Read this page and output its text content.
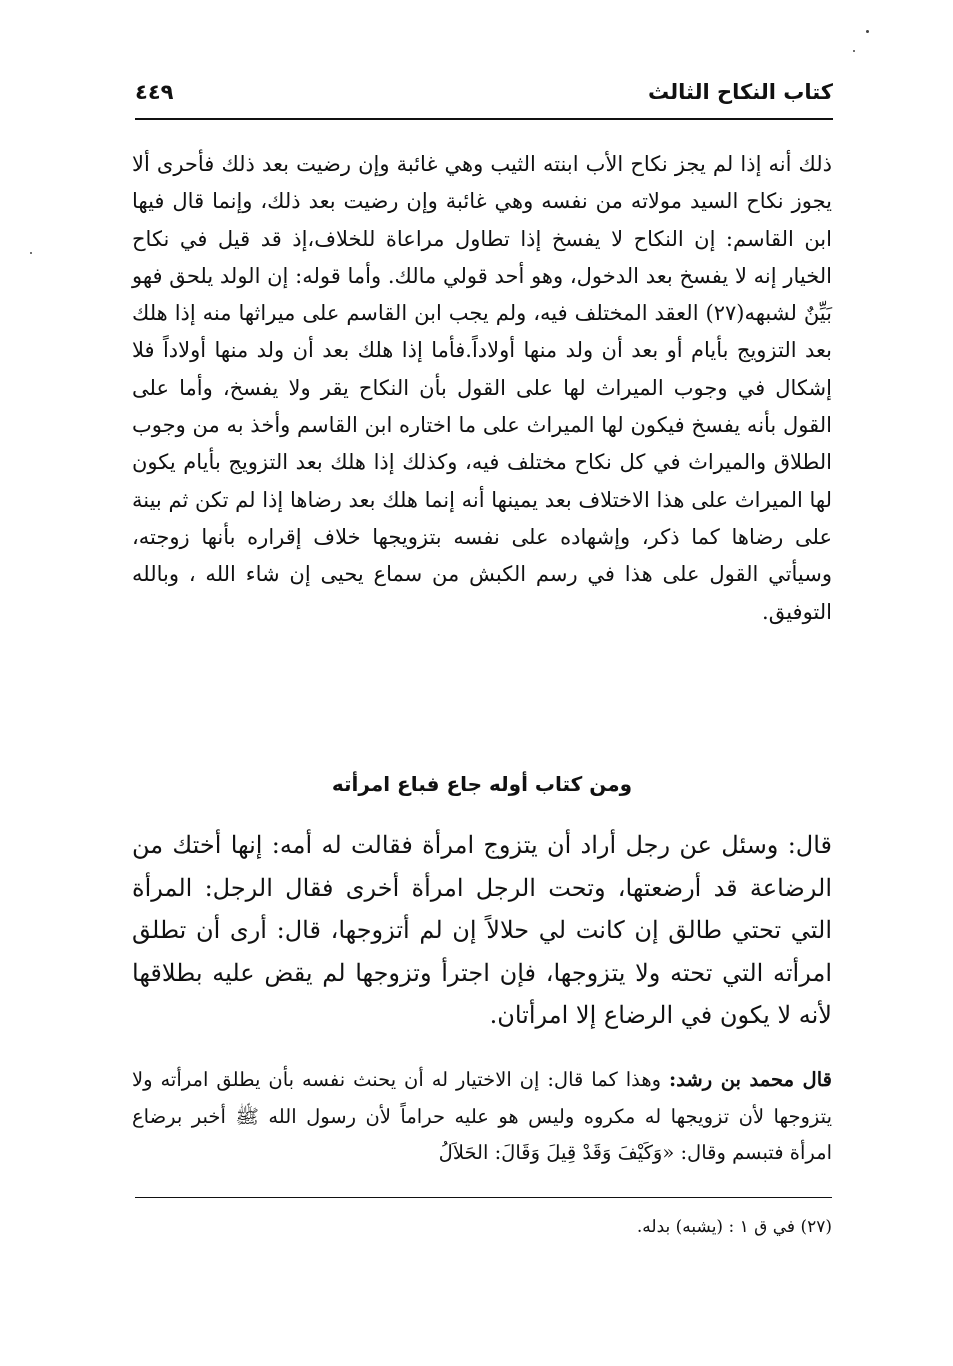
كتاب النكاح الثالث
٤٤٩

ذلك أنه إذا لم يجز نكاح الأب ابنته الثيب وهي غائبة وإن رضيت بعد ذلك فأحرى ألا يجوز نكاح السيد مولاته من نفسه وهي غائبة وإن رضيت بعد ذلك، وإنما قال فيها ابن القاسم: إن النكاح لا يفسخ إذا تطاول مراعاة للخلاف،إذ قد قيل في نكاح الخيار إنه لا يفسخ بعد الدخول، وهو أحد قولي مالك. وأما قوله: إن الولد يلحق فهو بَيِّنٌ لشبهه(٢٧) العقد المختلف فيه، ولم يجب ابن القاسم على ميراثها منه إذا هلك بعد التزويج بأيام أو بعد أن ولد منها أولاداً.فأما إذا هلك بعد أن ولد منها أولاداً فلا إشكال في وجوب الميراث لها على القول بأن النكاح يقر ولا يفسخ، وأما على القول بأنه يفسخ فيكون لها الميراث على ما اختاره ابن القاسم وأخذ به من وجوب الطلاق والميراث في كل نكاح مختلف فيه، وكذلك إذا هلك بعد التزويج بأيام يكون لها الميراث على هذا الاختلاف بعد يمينها أنه إنما هلك بعد رضاها إذا لم تكن ثم بينة على رضاها كما ذكر، وإشهاده على نفسه بتزويجها خلاف إقراره بأنها زوجته، وسيأتي القول على هذا في رسم الكبش من سماع يحيى إن شاء الله ، وبالله التوفيق.

ومن كتاب أوله جاع فباع امرأته

قال: وسئل عن رجل أراد أن يتزوج امرأة فقالت له أمه: إنها أختك من الرضاعة قد أرضعتها، وتحت الرجل امرأة أخرى فقال الرجل: المرأة التي تحتي طالق إن كانت لي حلالاً إن لم أتزوجها، قال: أرى أن تطلق امرأته التي تحته ولا يتزوجها، فإن اجترأ وتزوجها لم يقض عليه بطلاقها لأنه لا يكون في الرضاع إلا امرأتان.

قال محمد بن رشد: وهذا كما قال: إن الاختيار له أن يحنث نفسه بأن يطلق امرأته ولا يتزوجها لأن تزويجها له مكروه وليس هو عليه حراماً لأن رسول الله ﷺ أخبر برضاع امرأة فتبسم وقال: «وَكَيْفَ وَقَدْ قِيلَ وَقَالَ: الحَلاَلُ

(٢٧) في ق ١ : (يشبه) بدله.
